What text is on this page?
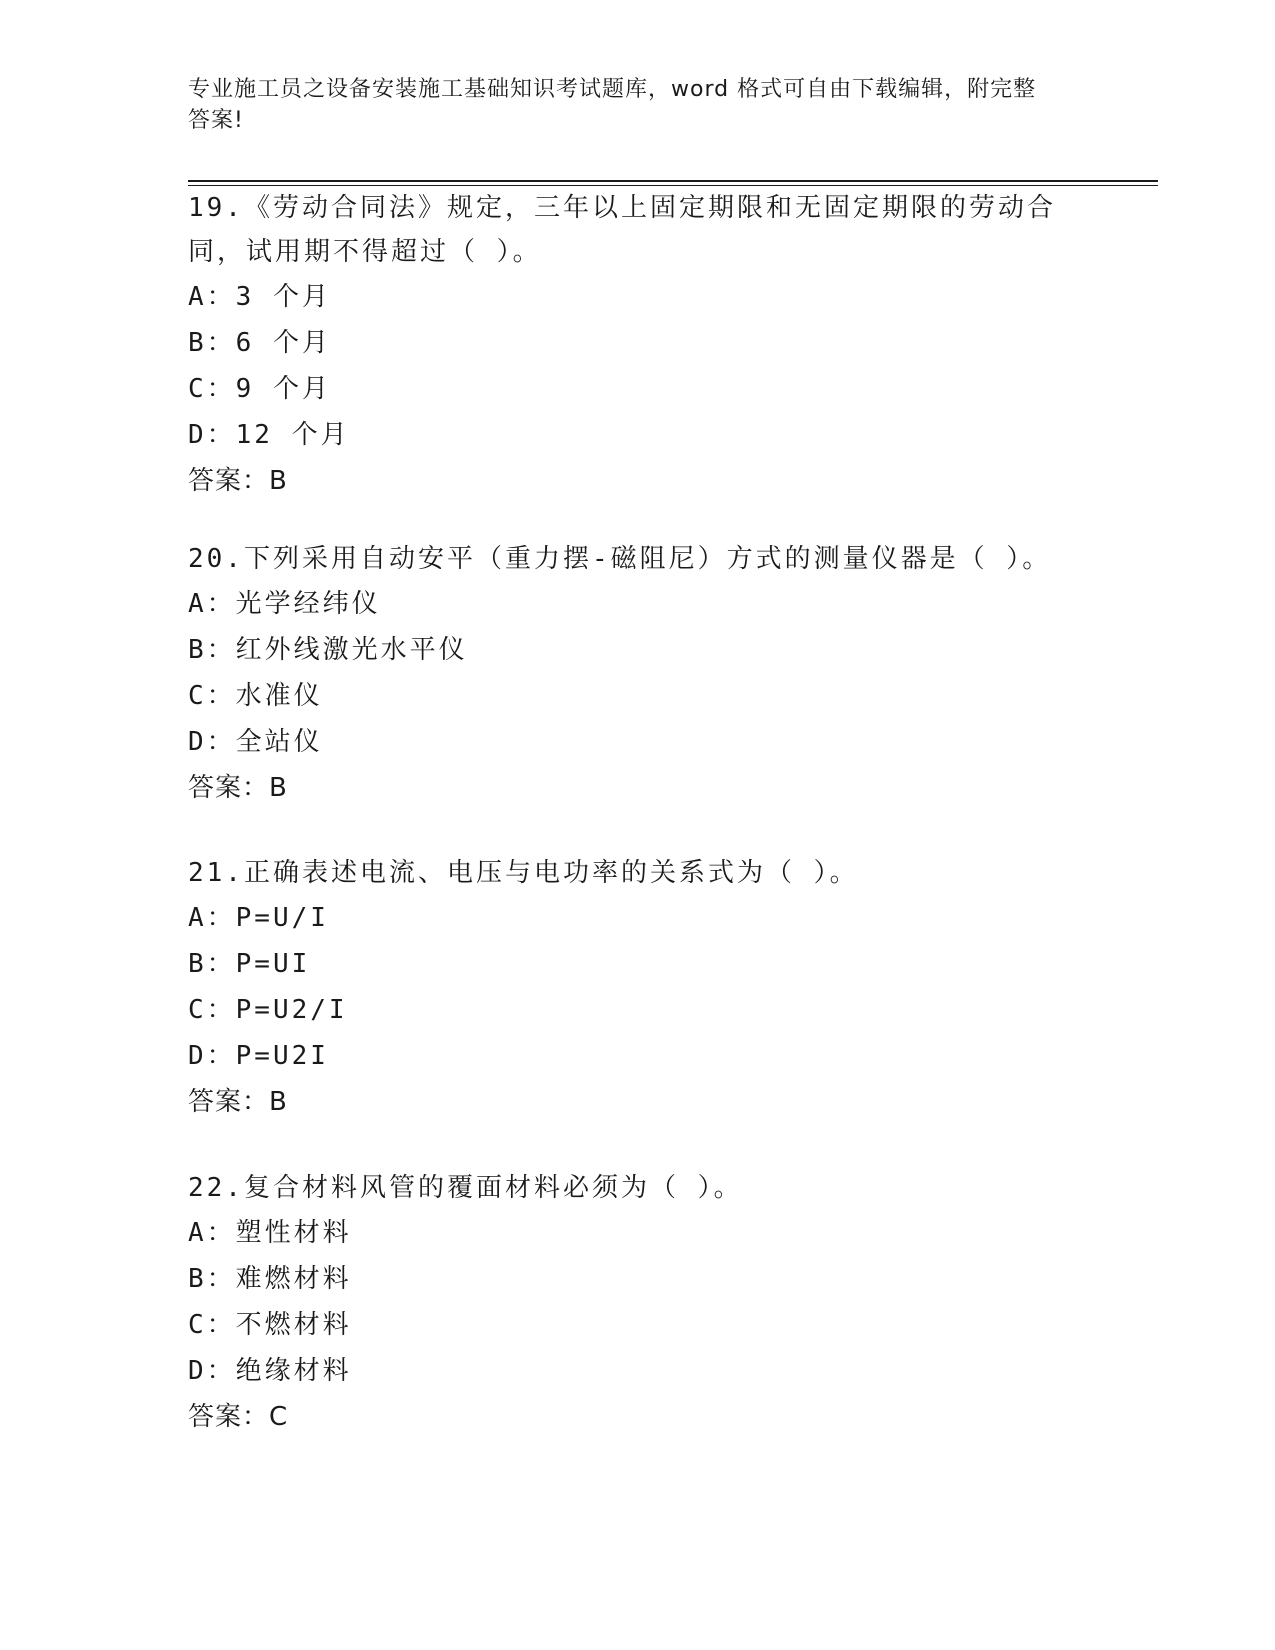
专业施工员之设备安装施工基础知识考试题库，word 格式可自由下载编辑，附完整答案!

19.《劳动合同法》规定，三年以上固定期限和无固定期限的劳动合同，试用期不得超过（ ）。

A：3 个月

B：6 个月

C：9 个月

D：12 个月

答案：B

20.下列采用自动安平（重力摆-磁阻尼）方式的测量仪器是（ ）。

A：光学经纬仪

B：红外线激光水平仪

C：水准仪

D：全站仪

答案：B

21.正确表述电流、电压与电功率的关系式为（ ）。

A：P=U/I

B：P=UI

C：P=U2/I

D：P=U2I

答案：B

22.复合材料风管的覆面材料必须为（ ）。

A：塑性材料

B：难燃材料

C：不燃材料

D：绝缘材料

答案：C
